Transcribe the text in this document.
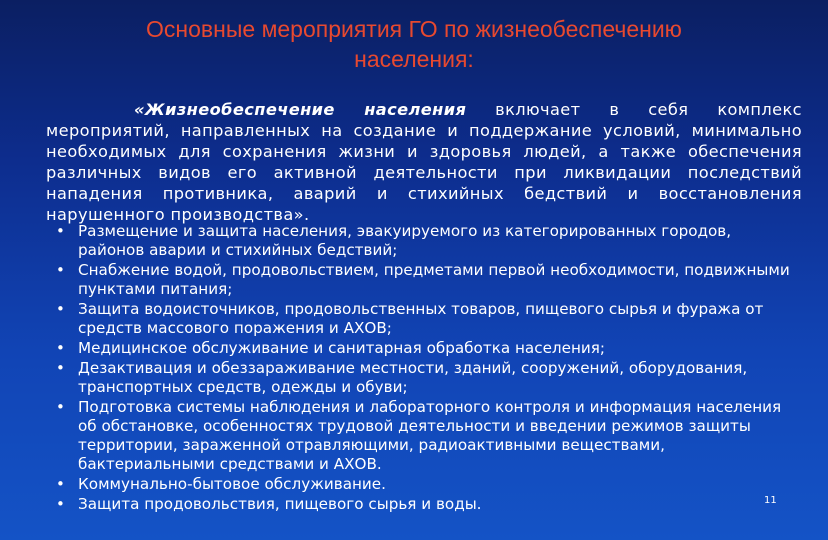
Основные мероприятия ГО по жизнеобеспечению
населения:

«Жизнеобеспечение населения включает в себя комплекс мероприятий, направленных на создание и поддержание условий, минимально необходимых для сохранения жизни и здоровья людей, а также обеспечения различных видов его активной деятельности при ликвидации последствий нападения противника, аварий и стихийных бедствий и восстановления нарушенного производства».

• Размещение и защита населения, эвакуируемого из категорированных городов, районов аварии и стихийных бедствий;
• Снабжение водой, продовольствием, предметами первой необходимости, подвижными пунктами питания;
• Защита водоисточников, продовольственных товаров, пищевого сырья и фуража от средств массового поражения и АХОВ;
• Медицинское обслуживание и санитарная обработка населения;
• Дезактивация и обеззараживание местности, зданий, сооружений, оборудования, транспортных средств, одежды и обуви;
• Подготовка системы наблюдения и лабораторного контроля и информация населения об обстановке, особенностях трудовой деятельности и введении режимов защиты территории, зараженной отравляющими, радиоактивными веществами, бактериальными средствами и АХОВ.
• Коммунально-бытовое обслуживание.
• Защита продовольствия, пищевого сырья и воды.	11
